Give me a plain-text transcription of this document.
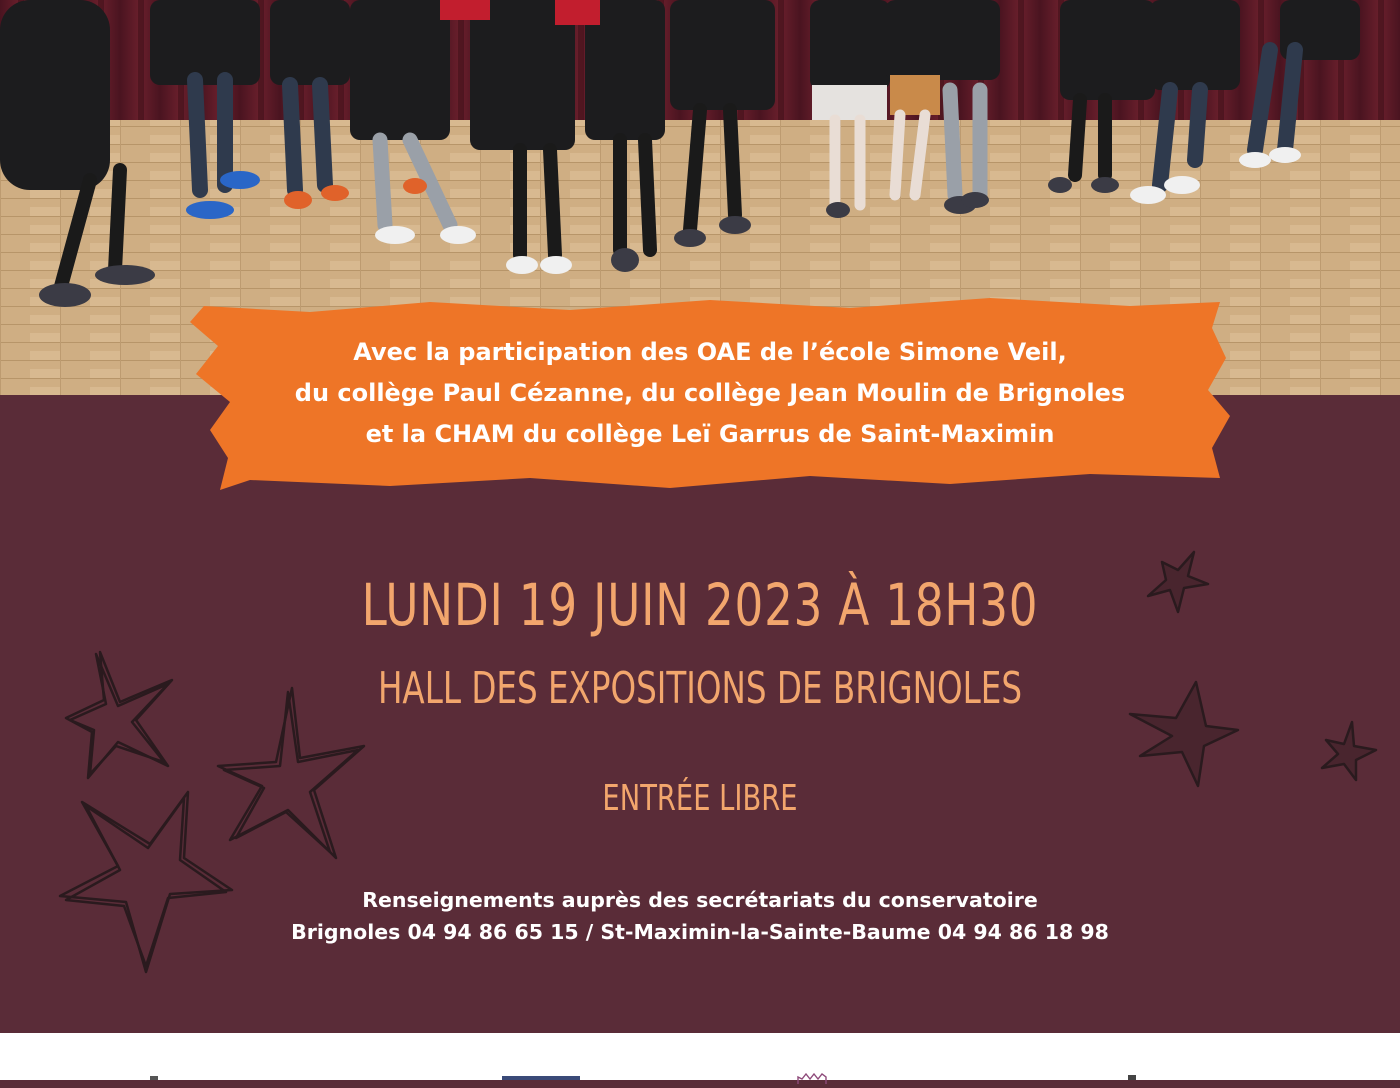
Avec la participation des OAE de l’école Simone Veil,
du collège Paul Cézanne, du collège Jean Moulin de Brignoles
et la CHAM du collège Leï Garrus de Saint-Maximin
LUNDI 19 JUIN 2023 À 18H30
HALL DES EXPOSITIONS DE BRIGNOLES
ENTRÉE LIBRE
Renseignements auprès des secrétariats du conservatoire
Brignoles 04 94 86 65 15 / St-Maximin-la-Sainte-Baume 04 94 86 18 98
